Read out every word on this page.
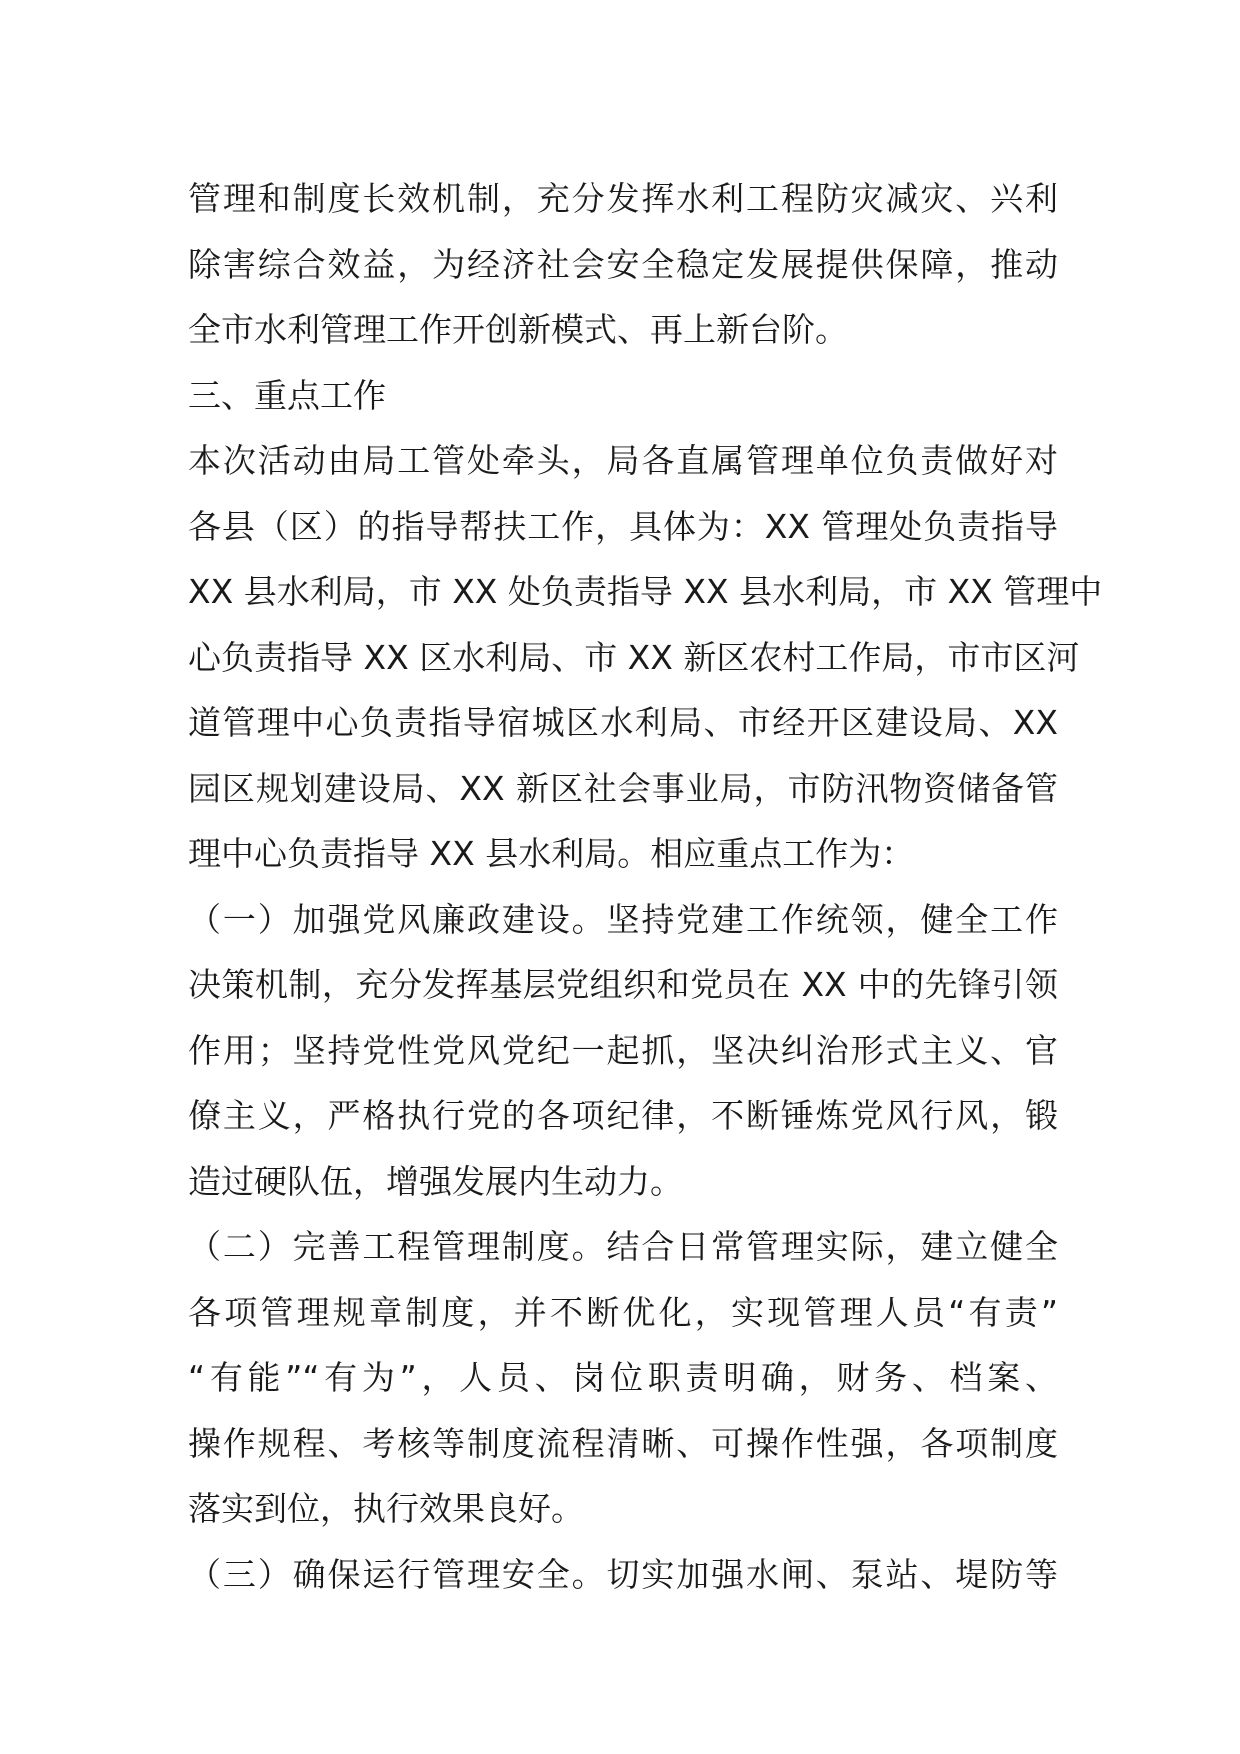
管理和制度长效机制，充分发挥水利工程防灾减灾、兴利
除害综合效益，为经济社会安全稳定发展提供保障，推动
全市水利管理工作开创新模式、再上新台阶。
三、重点工作
本次活动由局工管处牵头，局各直属管理单位负责做好对
各县（区）的指导帮扶工作，具体为：XX 管理处负责指导
XX 县水利局，市 XX 处负责指导 XX 县水利局，市 XX 管理中
心负责指导 XX 区水利局、市 XX 新区农村工作局，市市区河
道管理中心负责指导宿城区水利局、市经开区建设局、XX
园区规划建设局、XX 新区社会事业局，市防汛物资储备管
理中心负责指导 XX 县水利局。相应重点工作为：
（一）加强党风廉政建设。坚持党建工作统领，健全工作
决策机制，充分发挥基层党组织和党员在 XX 中的先锋引领
作用；坚持党性党风党纪一起抓，坚决纠治形式主义、官
僚主义，严格执行党的各项纪律，不断锤炼党风行风，锻
造过硬队伍，增强发展内生动力。
（二）完善工程管理制度。结合日常管理实际，建立健全
各项管理规章制度，并不断优化，实现管理人员“有责”
“有能”“有为”，人员、岗位职责明确，财务、档案、
操作规程、考核等制度流程清晰、可操作性强，各项制度
落实到位，执行效果良好。
（三）确保运行管理安全。切实加强水闸、泵站、堤防等
